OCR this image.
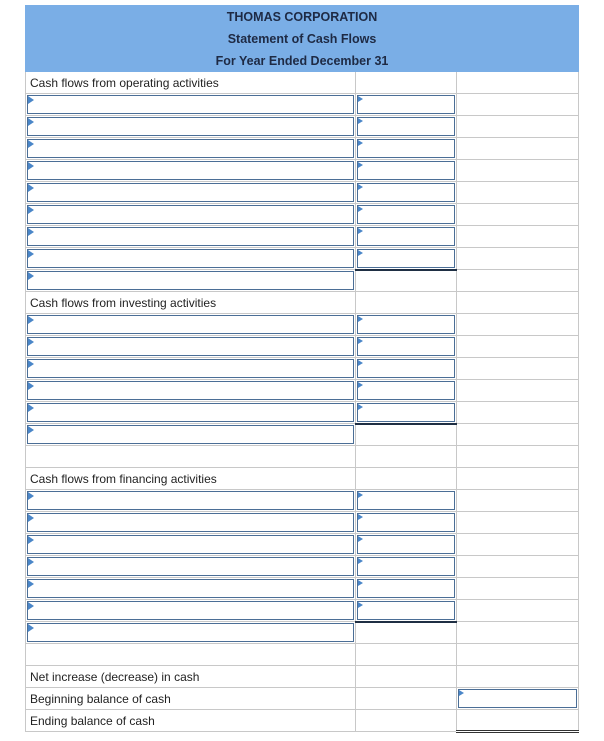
THOMAS CORPORATION		
Statement of Cash Flows		
For Year Ended December 31		
Cash flows from operating activities		

Cash flows from investing activities		

Cash flows from financing activities		

Net increase (decrease) in cash		
Beginning balance of cash		

Ending balance of cash		
